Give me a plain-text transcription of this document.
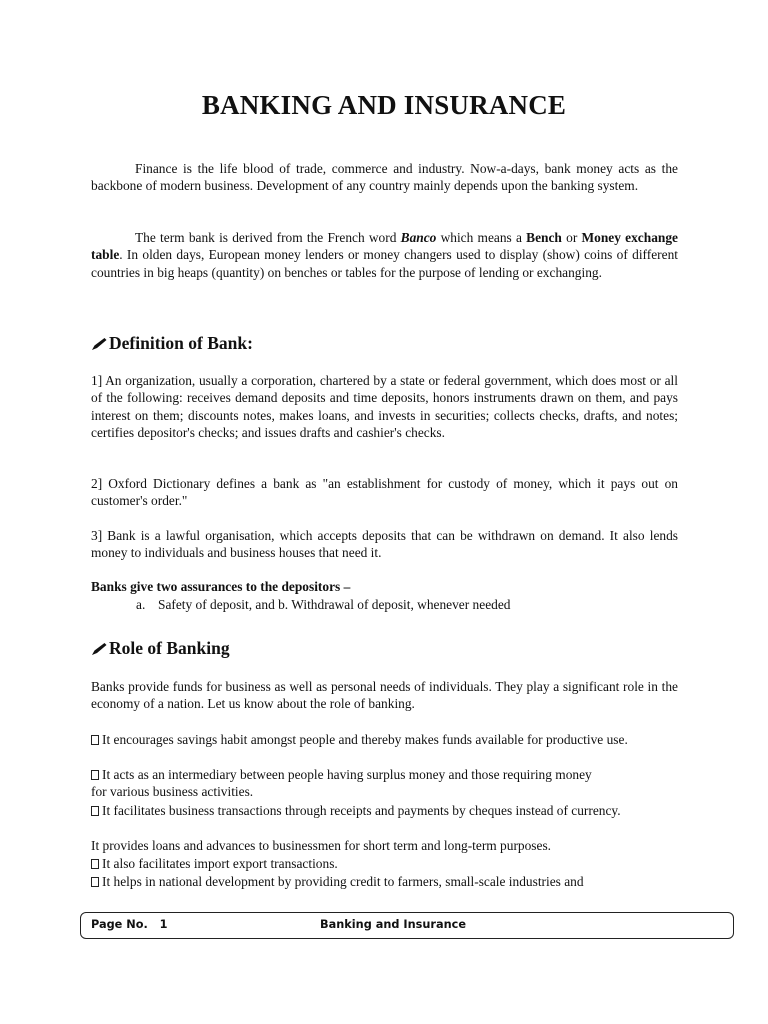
BANKING AND INSURANCE

Finance is the life blood of trade, commerce and industry. Now-a-days, bank money acts as the backbone of modern business. Development of any country mainly depends upon the banking system.

The term bank is derived from the French word Banco which means a Bench or Money exchange table. In olden days, European money lenders or money changers used to display (show) coins of different countries in big heaps (quantity) on benches or tables for the purpose of lending or exchanging.

Definition of Bank:

1] An organization, usually a corporation, chartered by a state or federal government, which does most or all of the following: receives demand deposits and time deposits, honors instruments drawn on them, and pays interest on them; discounts notes, makes loans, and invests in securities; collects checks, drafts, and notes; certifies depositor's checks; and issues drafts and cashier's checks.

2] Oxford Dictionary defines a bank as "an establishment for custody of money, which it pays out on customer's order."

3] Bank is a lawful organisation, which accepts deposits that can be withdrawn on demand. It also lends money to individuals and business houses that need it.

Banks give two assurances to the depositors –
a. Safety of deposit, and b. Withdrawal of deposit, whenever needed
Role of Banking

Banks provide funds for business as well as personal needs of individuals. They play a significant role in the economy of a nation. Let us know about the role of banking.

It encourages savings habit amongst people and thereby makes funds available for productive use.

It acts as an intermediary between people having surplus money and those requiring money
for various business activities.

It facilitates business transactions through receipts and payments by cheques instead of currency.

It provides loans and advances to businessmen for short term and long-term purposes.
It also facilitates import export transactions.
It helps in national development by providing credit to farmers, small-scale industries and
Page No.   1	Banking and Insurance
